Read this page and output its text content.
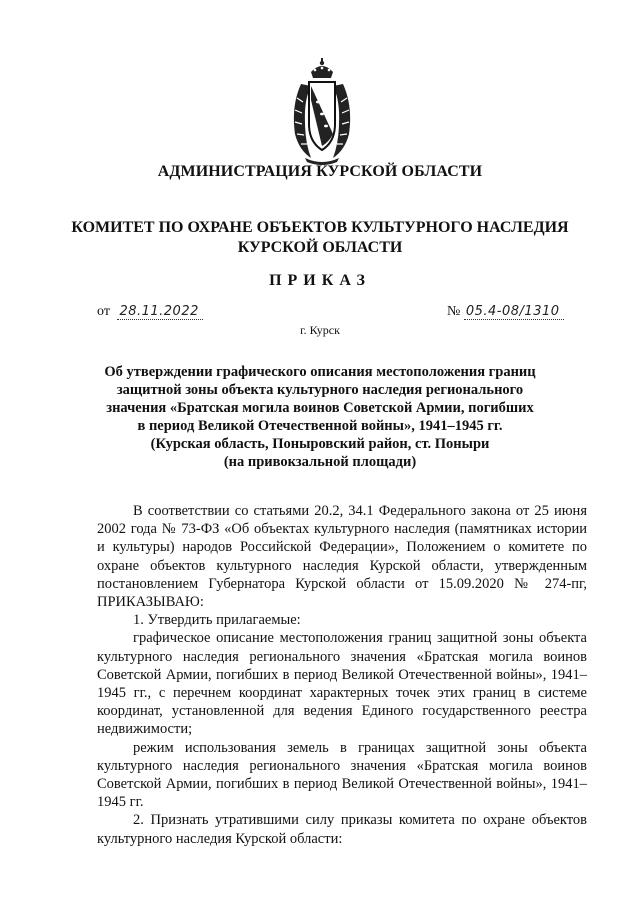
АДМИНИСТРАЦИЯ КУРСКОЙ ОБЛАСТИ
КОМИТЕТ ПО ОХРАНЕ ОБЪЕКТОВ КУЛЬТУРНОГО НАСЛЕДИЯ
КУРСКОЙ ОБЛАСТИ
ПРИКАЗ
от 28.11.2022	№ 05.4-08/1310
г. Курск
Об утверждении графического описания местоположения границ
защитной зоны объекта культурного наследия регионального
значения «Братская могила воинов Советской Армии, погибших
в период Великой Отечественной войны», 1941–1945 гг.
(Курская область, Поныровский район, ст. Поныри
(на привокзальной площади)

В соответствии со статьями 20.2, 34.1 Федерального закона от 25 июня 2002 года № 73-ФЗ «Об объектах культурного наследия (памятниках истории и культуры) народов Российской Федерации», Положением о комитете по охране объектов культурного наследия Курской области, утвержденным постановлением Губернатора Курской области от 15.09.2020 № 274-пг, ПРИКАЗЫВАЮ:

1. Утвердить прилагаемые:

графическое описание местоположения границ защитной зоны объекта культурного наследия регионального значения «Братская могила воинов Советской Армии, погибших в период Великой Отечественной войны», 1941–1945 гг., с перечнем координат характерных точек этих границ в системе координат, установленной для ведения Единого государственного реестра недвижимости;

режим использования земель в границах защитной зоны объекта культурного наследия регионального значения «Братская могила воинов Советской Армии, погибших в период Великой Отечественной войны», 1941–1945 гг.

2. Признать утратившими силу приказы комитета по охране объектов культурного наследия Курской области:
